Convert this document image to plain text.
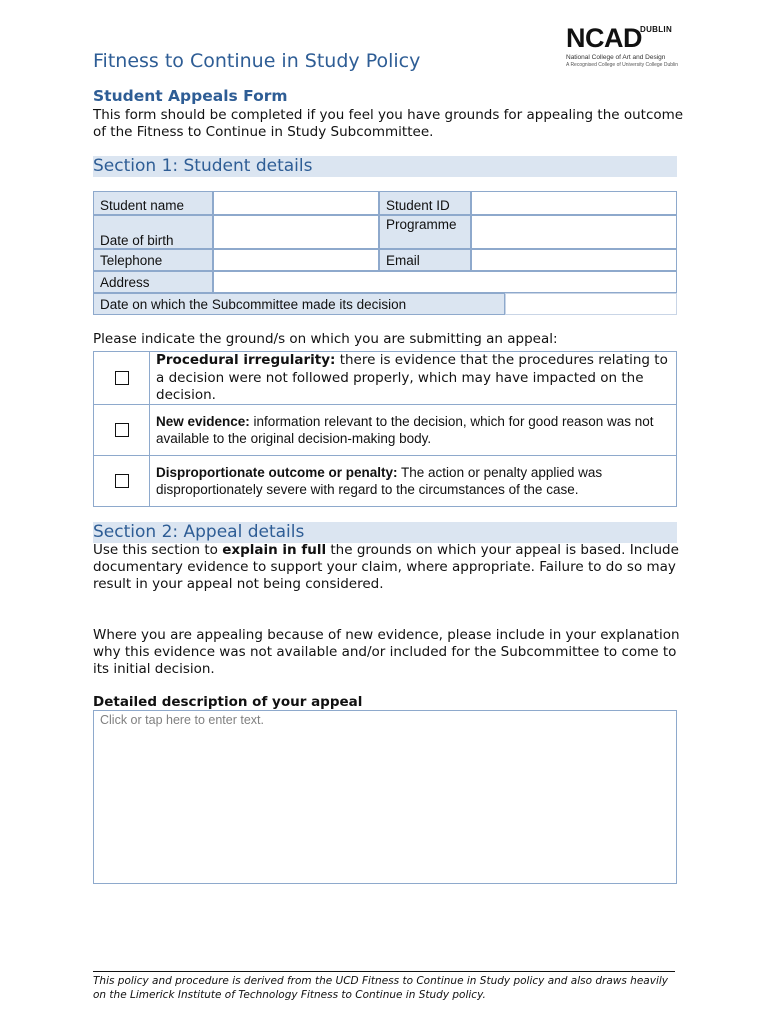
NCAD
DUBLIN
National College of Art and Design
A Recognised College of University College Dublin
Fitness to Continue in Study Policy
Student Appeals Form
This form should be completed if you feel you have grounds for appealing the outcome of the Fitness to Continue in Study Subcommittee.
Section 1: Student details
Student name	Student ID
Date of birth
Programme
Telephone	Email
Address
Date on which the Subcommittee made its decision
Please indicate the ground/s on which you are submitting an appeal:
Procedural irregularity: there is evidence that the procedures relating to a decision were not followed properly, which may have impacted on the decision.
New evidence: information relevant to the decision, which for good reason was not available to the original decision-making body.
Disproportionate outcome or penalty: The action or penalty applied was disproportionately severe with regard to the circumstances of the case.
Section 2: Appeal details
Use this section to explain in full the grounds on which your appeal is based. Include documentary evidence to support your claim, where appropriate. Failure to do so may result in your appeal not being considered.
Where you are appealing because of new evidence, please include in your explanation why this evidence was not available and/or included for the Subcommittee to come to its initial decision.
Detailed description of your appeal
Click or tap here to enter text.
This policy and procedure is derived from the UCD Fitness to Continue in Study policy and also draws heavily on the Limerick Institute of Technology Fitness to Continue in Study policy.
